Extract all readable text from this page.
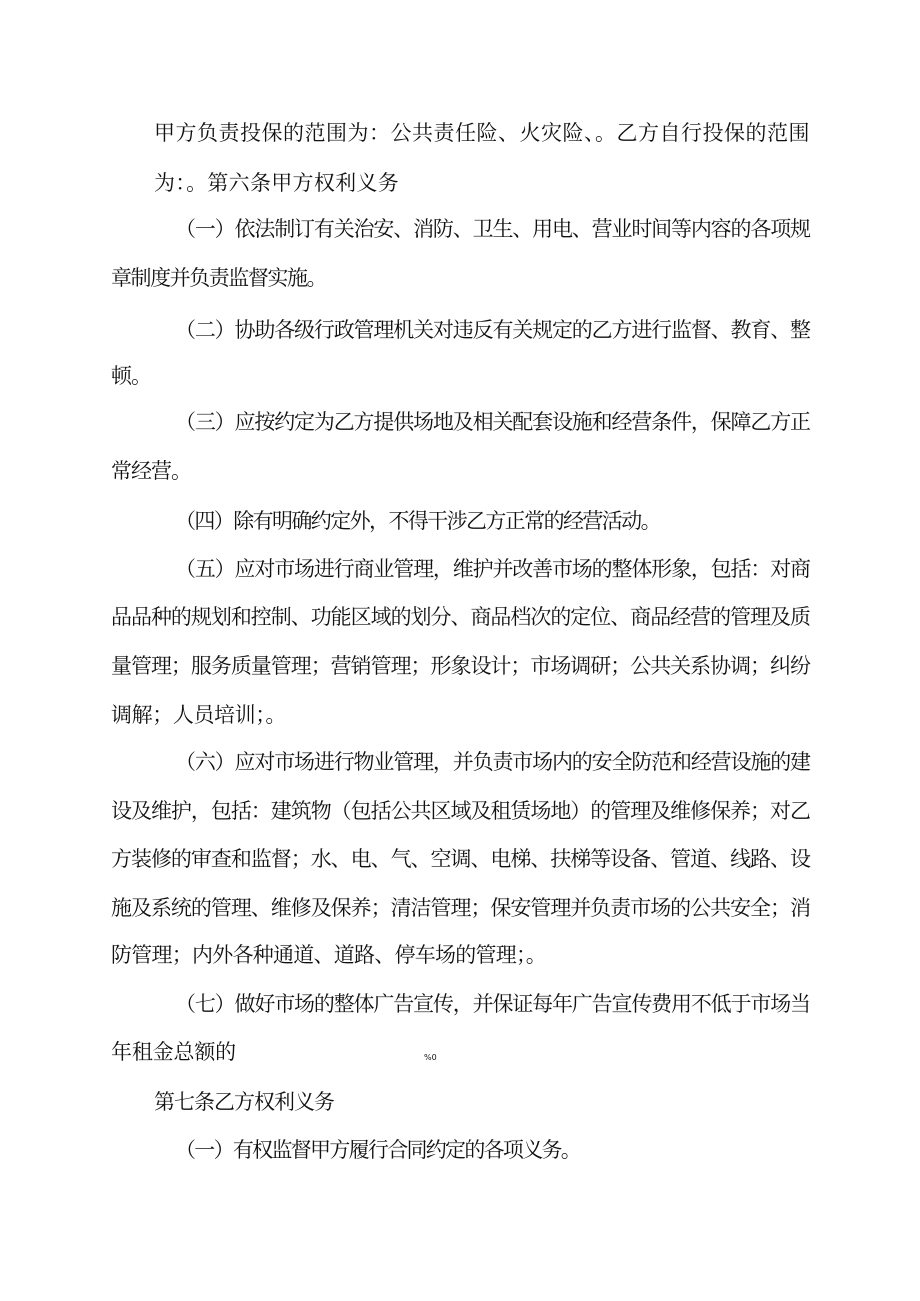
甲方负责投保的范围为：公共责任险、火灾险、。乙方自行投保的范围
为：。第六条甲方权利义务
（一）依法制订有关治安、消防、卫生、用电、营业时间等内容的各项规
章制度并负责监督实施。
（二）协助各级行政管理机关对违反有关规定的乙方进行监督、教育、整
顿。
（三）应按约定为乙方提供场地及相关配套设施和经营条件，保障乙方正
常经营。
（四）除有明确约定外，不得干涉乙方正常的经营活动。
（五）应对市场进行商业管理，维护并改善市场的整体形象，包括：对商
品品种的规划和控制、功能区域的划分、商品档次的定位、商品经营的管理及质
量管理；服务质量管理；营销管理；形象设计；市场调研；公共关系协调；纠纷
调解；人员培训；。
（六）应对市场进行物业管理，并负责市场内的安全防范和经营设施的建
设及维护，包括：建筑物（包括公共区域及租赁场地）的管理及维修保养；对乙
方装修的审查和监督；水、电、气、空调、电梯、扶梯等设备、管道、线路、设
施及系统的管理、维修及保养；清洁管理；保安管理并负责市场的公共安全；消
防管理；内外各种通道、道路、停车场的管理；。
（七）做好市场的整体广告宣传，并保证每年广告宣传费用不低于市场当
年租金总额的	%0
第七条乙方权利义务
（一）有权监督甲方履行合同约定的各项义务。
